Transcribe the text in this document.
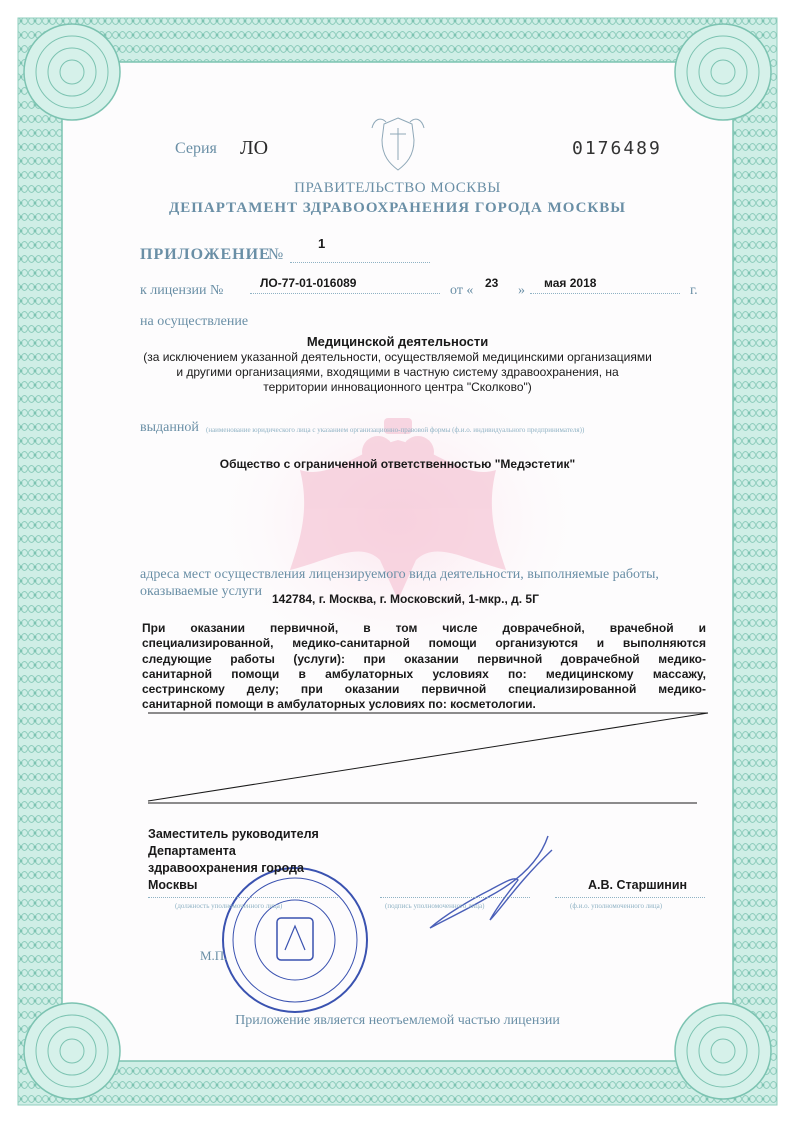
Серия ЛО	0176489
ПРАВИТЕЛЬСТВО МОСКВЫ
ДЕПАРТАМЕНТ ЗДРАВООХРАНЕНИЯ ГОРОДА МОСКВЫ
ПРИЛОЖЕНИЕ
№
1
к лицензии №	ЛО-77-01-016089	от « 23 » мая 2018	г.
на осуществление
Медицинской деятельности
(за исключением указанной деятельности, осуществляемой медицинскими организациями
и другими организациями, входящими в частную систему здравоохранения, на
территории инновационного центра "Сколково")
выданной (наименование юридического лица с указанием организационно-правовой формы (ф.и.о. индивидуального предпринимателя))
Общество с ограниченной ответственностью "Медэстетик"
адреса мест осуществления лицензируемого вида деятельности, выполняемые работы,
оказываемые услуги 142784, г. Москва, г. Московский, 1-мкр., д. 5Г
При оказании первичной, в том числе доврачебной, врачебной и
специализированной, медико-санитарной помощи организуются и выполняются
следующие работы (услуги): при оказании первичной доврачебной медико-
санитарной помощи в амбулаторных условиях по: медицинскому массажу,
сестринскому делу; при оказании первичной специализированной медико-
санитарной помощи в амбулаторных условиях по: косметологии.
Заместитель руководителя
Департамента
здравоохранения города
Москвы	А.В. Старшинин
(должность уполномоченного лица)	(подпись уполномоченного лица)	(ф.и.о. уполномоченного лица)
М.П.
Приложение является неотъемлемой частью лицензии
